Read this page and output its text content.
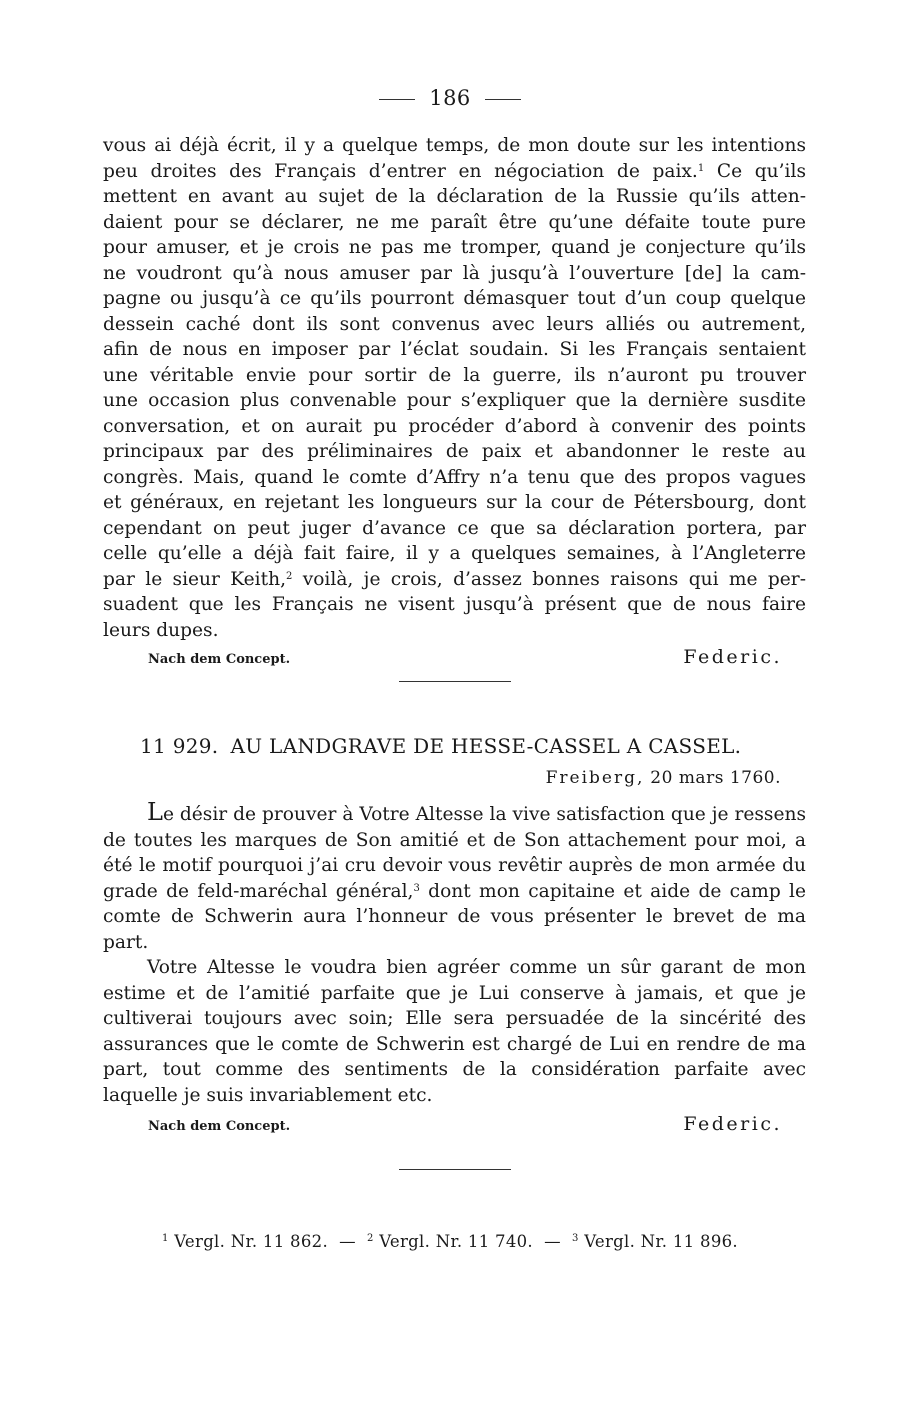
186
vous ai déjà écrit, il y a quelque temps, de mon doute sur les intentions
peu droites des Français d’entrer en négociation de paix.$^1$ Ce qu’ils
mettent en avant au sujet de la déclaration de la Russie qu’ils atten-
daient pour se déclarer, ne me paraît être qu’une défaite toute pure
pour amuser, et je crois ne pas me tromper, quand je conjecture qu’ils
ne voudront qu’à nous amuser par là jusqu’à l’ouverture [de] la cam-
pagne ou jusqu’à ce qu’ils pourront démasquer tout d’un coup quelque
dessein caché dont ils sont convenus avec leurs alliés ou autrement,
afin de nous en imposer par l’éclat soudain. Si les Français sentaient
une véritable envie pour sortir de la guerre, ils n’auront pu trouver
une occasion plus convenable pour s’expliquer que la dernière susdite
conversation, et on aurait pu procéder d’abord à convenir des points
principaux par des préliminaires de paix et abandonner le reste au
congrès. Mais, quand le comte d’Affry n’a tenu que des propos vagues
et généraux, en rejetant les longueurs sur la cour de Pétersbourg, dont
cependant on peut juger d’avance ce que sa déclaration portera, par
celle qu’elle a déjà fait faire, il y a quelques semaines, à l’Angleterre
par le sieur Keith,$^2$ voilà, je crois, d’assez bonnes raisons qui me per-
suadent que les Français ne visent jusqu’à présent que de nous faire
leurs dupes.
Nach dem Concept.	Federic.
11 929. AU LANDGRAVE DE HESSE-CASSEL A CASSEL.
Freiberg, 20 mars 1760.

Le désir de prouver à Votre Altesse la vive satisfaction que je ressens de toutes les marques de Son amitié et de Son attachement pour moi, a été le motif pourquoi j’ai cru devoir vous revêtir auprès de mon armée du grade de feld-maréchal général,$^3$ dont mon capitaine et aide de camp le comte de Schwerin aura l’honneur de vous présenter le brevet de ma part.

Votre Altesse le voudra bien agréer comme un sûr garant de mon estime et de l’amitié parfaite que je Lui conserve à jamais, et que je cultiverai toujours avec soin; Elle sera persuadée de la sincérité des assurances que le comte de Schwerin est chargé de Lui en rendre de ma part, tout comme des sentiments de la considération parfaite avec laquelle je suis invariablement etc.

Nach dem Concept.	Federic.
$^1$ Vergl. Nr. 11 862. — $^2$ Vergl. Nr. 11 740. — $^3$ Vergl. Nr. 11 896.
